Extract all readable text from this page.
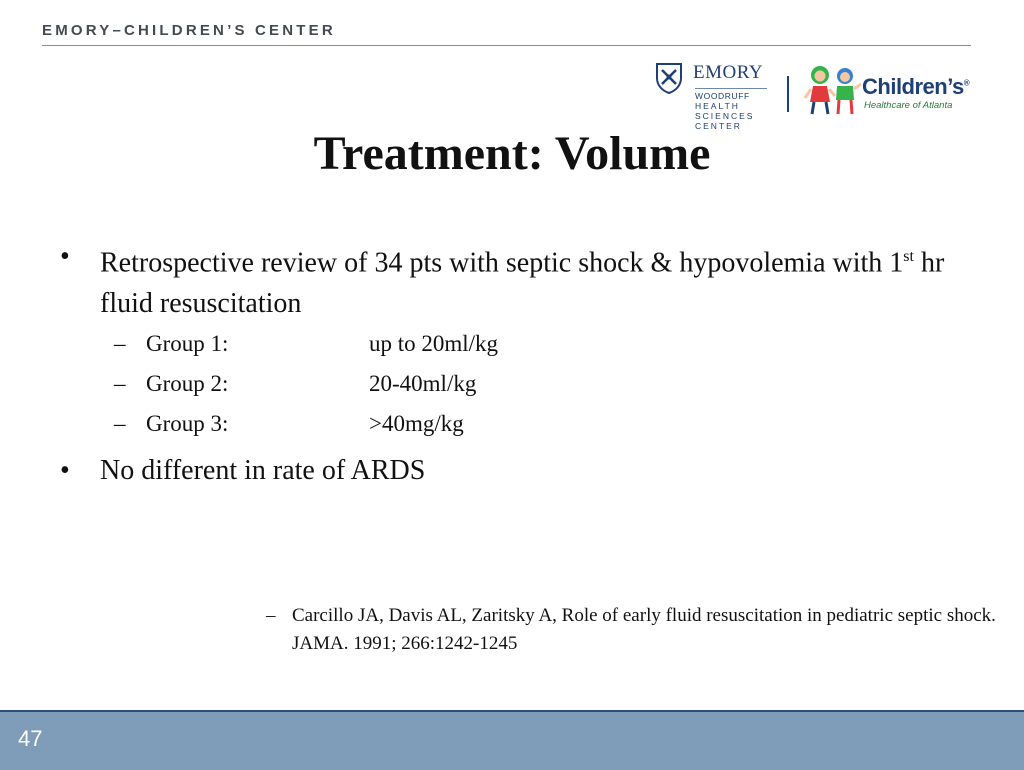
EMORY–CHILDREN’S CENTER
EMORY
WOODRUFF
HEALTH
SCIENCES
CENTER
Children’s®
Healthcare of Atlanta
Treatment: Volume
• Retrospective review of 34 pts with septic shock & hypovolemia with 1st hr fluid resuscitation
– Group 1:	up to 20ml/kg
– Group 2:	20-40ml/kg
– Group 3:	>40mg/kg
• No different in rate of ARDS
– Carcillo JA, Davis AL, Zaritsky A, Role of early fluid resuscitation in pediatric septic shock. JAMA. 1991; 266:1242-1245
47
